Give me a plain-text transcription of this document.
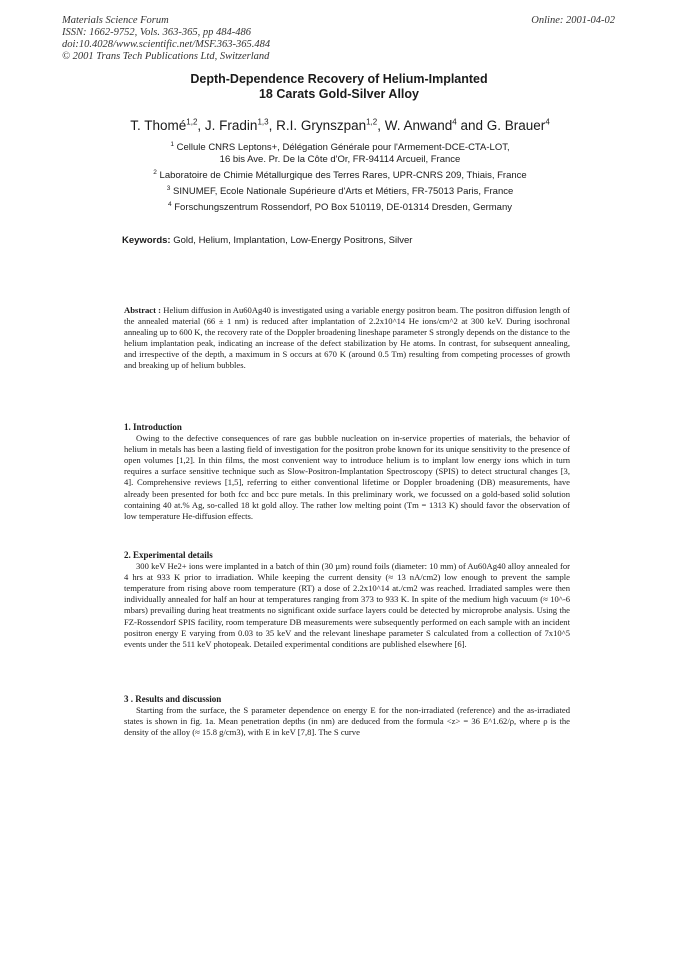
Materials Science Forum
ISSN: 1662-9752, Vols. 363-365, pp 484-486
doi:10.4028/www.scientific.net/MSF.363-365.484
© 2001 Trans Tech Publications Ltd, Switzerland
Online: 2001-04-02
Depth-Dependence Recovery of Helium-Implanted
18 Carats Gold-Silver Alloy
T. Thomé$^{1,2}$, J. Fradin$^{1,3}$, R.I. Grynszpan$^{1,2}$, W. Anwand$^4$ and G. Brauer$^4$
$^1$ Cellule CNRS Leptons+, Délégation Générale pour l'Armement-DCE-CTA-LOT,
16 bis Ave. Pr. De la Côte d'Or, FR-94114 Arcueil, France
$^2$ Laboratoire de Chimie Métallurgique des Terres Rares, UPR-CNRS 209, Thiais, France
$^3$ SINUMEF, Ecole Nationale Supérieure d'Arts et Métiers, FR-75013 Paris, France
$^4$ Forschungszentrum Rossendorf, PO Box 510119, DE-01314 Dresden, Germany
Keywords: Gold, Helium, Implantation, Low-Energy Positrons, Silver
Abstract : Helium diffusion in Au60Ag40 is investigated using a variable energy positron beam. The positron diffusion length of the annealed material (66 ± 1 nm) is reduced after implantation of 2.2x10^14 He ions/cm^2 at 300 keV. During isochronal annealing up to 600 K, the recovery rate of the Doppler broadening lineshape parameter S strongly depends on the distance to the helium implantation peak, indicating an increase of the defect stabilization by He atoms. In contrast, for subsequent annealing, and irrespective of the depth, a maximum in S occurs at 670 K (around 0.5 Tm) resulting from competing processes of growth and breaking up of helium bubbles.

1. Introduction

Owing to the defective consequences of rare gas bubble nucleation on in-service properties of materials, the behavior of helium in metals has been a lasting field of investigation for the positron probe known for its unique sensitivity to the presence of open volumes [1,2]. In thin films, the most convenient way to introduce helium is to implant low energy ions which in turn requires a surface sensitive technique such as Slow-Positron-Implantation Spectroscopy (SPIS) to detect structural changes [3, 4]. Comprehensive reviews [1,5], referring to either conventional lifetime or Doppler broadening (DB) measurements, have already been presented for both fcc and bcc pure metals. In this preliminary work, we focussed on a gold-based solid solution containing 40 at.% Ag, so-called 18 kt gold alloy. The rather low melting point (Tm = 1313 K) should favor the observation of low temperature He-diffusion effects.

2. Experimental details

300 keV He2+ ions were implanted in a batch of thin (30 µm) round foils (diameter: 10 mm) of Au60Ag40 alloy annealed for 4 hrs at 933 K prior to irradiation. While keeping the current density (≈ 13 nA/cm2) low enough to prevent the sample temperature from rising above room temperature (RT) a dose of 2.2x10^14 at./cm2 was reached. Irradiated samples were then individually annealed for half an hour at temperatures ranging from 373 to 933 K. In spite of the medium high vacuum (≈ 10^-6 mbars) prevailing during heat treatments no significant oxide surface layers could be detected by microprobe analysis. Using the FZ-Rossendorf SPIS facility, room temperature DB measurements were subsequently performed on each sample with an incident positron energy E varying from 0.03 to 35 keV and the relevant lineshape parameter S calculated from a collection of 7x10^5 events under the 511 keV photopeak. Detailed experimental conditions are published elsewhere [6].

3 . Results and discussion

Starting from the surface, the S parameter dependence on energy E for the non-irradiated (reference) and the as-irradiated states is shown in fig. 1a. Mean penetration depths (in nm) are deduced from the formula <z> = 36 E^1.62/ρ, where ρ is the density of the alloy (≈ 15.8 g/cm3), with E in keV [7,8]. The S curve
